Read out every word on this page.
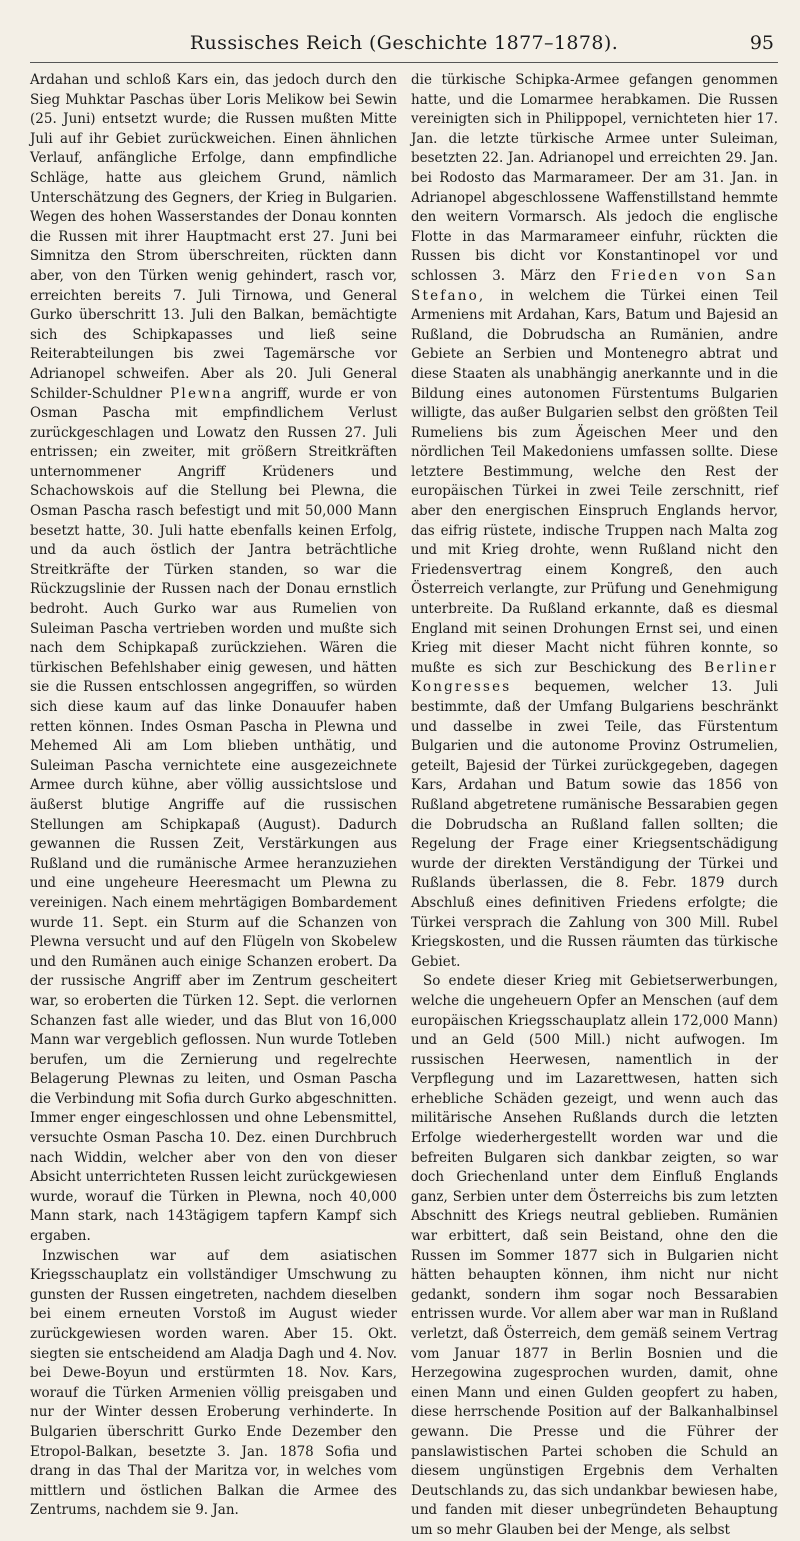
Russisches Reich (Geschichte 1877–1878).	95

Ardahan und schloß Kars ein, das jedoch durch den Sieg Muhktar Paschas über Loris Melikow bei Sewin (25. Juni) entsetzt wurde; die Russen mußten Mitte Juli auf ihr Gebiet zurückweichen. Einen ähnlichen Verlauf, anfängliche Erfolge, dann empfindliche Schläge, hatte aus gleichem Grund, nämlich Unterschätzung des Gegners, der Krieg in Bulgarien. Wegen des hohen Wasserstandes der Donau konnten die Russen mit ihrer Hauptmacht erst 27. Juni bei Simnitza den Strom überschreiten, rückten dann aber, von den Türken wenig gehindert, rasch vor, erreichten bereits 7. Juli Tirnowa, und General Gurko überschritt 13. Juli den Balkan, bemächtigte sich des Schipkapasses und ließ seine Reiterabteilungen bis zwei Tagemärsche vor Adrianopel schweifen. Aber als 20. Juli General Schilder-Schuldner Plewna angriff, wurde er von Osman Pascha mit empfindlichem Verlust zurückgeschlagen und Lowatz den Russen 27. Juli entrissen; ein zweiter, mit größern Streitkräften unternommener Angriff Krüdeners und Schachowskois auf die Stellung bei Plewna, die Osman Pascha rasch befestigt und mit 50,000 Mann besetzt hatte, 30. Juli hatte ebenfalls keinen Erfolg, und da auch östlich der Jantra beträchtliche Streitkräfte der Türken standen, so war die Rückzugslinie der Russen nach der Donau ernstlich bedroht. Auch Gurko war aus Rumelien von Suleiman Pascha vertrieben worden und mußte sich nach dem Schipkapaß zurückziehen. Wären die türkischen Befehlshaber einig gewesen, und hätten sie die Russen entschlossen angegriffen, so würden sich diese kaum auf das linke Donauufer haben retten können. Indes Osman Pascha in Plewna und Mehemed Ali am Lom blieben unthätig, und Suleiman Pascha vernichtete eine ausgezeichnete Armee durch kühne, aber völlig aussichtslose und äußerst blutige Angriffe auf die russischen Stellungen am Schipkapaß (August). Dadurch gewannen die Russen Zeit, Verstärkungen aus Rußland und die rumänische Armee heranzuziehen und eine ungeheure Heeresmacht um Plewna zu vereinigen. Nach einem mehrtägigen Bombardement wurde 11. Sept. ein Sturm auf die Schanzen von Plewna versucht und auf den Flügeln von Skobelew und den Rumänen auch einige Schanzen erobert. Da der russische Angriff aber im Zentrum gescheitert war, so eroberten die Türken 12. Sept. die verlornen Schanzen fast alle wieder, und das Blut von 16,000 Mann war vergeblich geflossen. Nun wurde Totleben berufen, um die Zernierung und regelrechte Belagerung Plewnas zu leiten, und Osman Pascha die Verbindung mit Sofia durch Gurko abgeschnitten. Immer enger eingeschlossen und ohne Lebensmittel, versuchte Osman Pascha 10. Dez. einen Durchbruch nach Widdin, welcher aber von den von dieser Absicht unterrichteten Russen leicht zurückgewiesen wurde, worauf die Türken in Plewna, noch 40,000 Mann stark, nach 143tägigem tapfern Kampf sich ergaben.

Inzwischen war auf dem asiatischen Kriegsschauplatz ein vollständiger Umschwung zu gunsten der Russen eingetreten, nachdem dieselben bei einem erneuten Vorstoß im August wieder zurückgewiesen worden waren. Aber 15. Okt. siegten sie entscheidend am Aladja Dagh und 4. Nov. bei Dewe-Boyun und erstürmten 18. Nov. Kars, worauf die Türken Armenien völlig preisgaben und nur der Winter dessen Eroberung verhinderte. In Bulgarien überschritt Gurko Ende Dezember den Etropol-Balkan, besetzte 3. Jan. 1878 Sofia und drang in das Thal der Maritza vor, in welches vom mittlern und östlichen Balkan die Armee des Zentrums, nachdem sie 9. Jan.

die türkische Schipka-Armee gefangen genommen hatte, und die Lomarmee herabkamen. Die Russen vereinigten sich in Philippopel, vernichteten hier 17. Jan. die letzte türkische Armee unter Suleiman, besetzten 22. Jan. Adrianopel und erreichten 29. Jan. bei Rodosto das Marmarameer. Der am 31. Jan. in Adrianopel abgeschlossene Waffenstillstand hemmte den weitern Vormarsch. Als jedoch die englische Flotte in das Marmarameer einfuhr, rückten die Russen bis dicht vor Konstantinopel vor und schlossen 3. März den Frieden von San Stefano, in welchem die Türkei einen Teil Armeniens mit Ardahan, Kars, Batum und Bajesid an Rußland, die Dobrudscha an Rumänien, andre Gebiete an Serbien und Montenegro abtrat und diese Staaten als unabhängig anerkannte und in die Bildung eines autonomen Fürstentums Bulgarien willigte, das außer Bulgarien selbst den größten Teil Rumeliens bis zum Ägeischen Meer und den nördlichen Teil Makedoniens umfassen sollte. Diese letztere Bestimmung, welche den Rest der europäischen Türkei in zwei Teile zerschnitt, rief aber den energischen Einspruch Englands hervor, das eifrig rüstete, indische Truppen nach Malta zog und mit Krieg drohte, wenn Rußland nicht den Friedensvertrag einem Kongreß, den auch Österreich verlangte, zur Prüfung und Genehmigung unterbreite. Da Rußland erkannte, daß es diesmal England mit seinen Drohungen Ernst sei, und einen Krieg mit dieser Macht nicht führen konnte, so mußte es sich zur Beschickung des Berliner Kongresses bequemen, welcher 13. Juli bestimmte, daß der Umfang Bulgariens beschränkt und dasselbe in zwei Teile, das Fürstentum Bulgarien und die autonome Provinz Ostrumelien, geteilt, Bajesid der Türkei zurückgegeben, dagegen Kars, Ardahan und Batum sowie das 1856 von Rußland abgetretene rumänische Bessarabien gegen die Dobrudscha an Rußland fallen sollten; die Regelung der Frage einer Kriegsentschädigung wurde der direkten Verständigung der Türkei und Rußlands überlassen, die 8. Febr. 1879 durch Abschluß eines definitiven Friedens erfolgte; die Türkei versprach die Zahlung von 300 Mill. Rubel Kriegskosten, und die Russen räumten das türkische Gebiet.

So endete dieser Krieg mit Gebietserwerbungen, welche die ungeheuern Opfer an Menschen (auf dem europäischen Kriegsschauplatz allein 172,000 Mann) und an Geld (500 Mill.) nicht aufwogen. Im russischen Heerwesen, namentlich in der Verpflegung und im Lazarettwesen, hatten sich erhebliche Schäden gezeigt, und wenn auch das militärische Ansehen Rußlands durch die letzten Erfolge wiederhergestellt worden war und die befreiten Bulgaren sich dankbar zeigten, so war doch Griechenland unter dem Einfluß Englands ganz, Serbien unter dem Österreichs bis zum letzten Abschnitt des Kriegs neutral geblieben. Rumänien war erbittert, daß sein Beistand, ohne den die Russen im Sommer 1877 sich in Bulgarien nicht hätten behaupten können, ihm nicht nur nicht gedankt, sondern ihm sogar noch Bessarabien entrissen wurde. Vor allem aber war man in Rußland verletzt, daß Österreich, dem gemäß seinem Vertrag vom Januar 1877 in Berlin Bosnien und die Herzegowina zugesprochen wurden, damit, ohne einen Mann und einen Gulden geopfert zu haben, diese herrschende Position auf der Balkanhalbinsel gewann. Die Presse und die Führer der panslawistischen Partei schoben die Schuld an diesem ungünstigen Ergebnis dem Verhalten Deutschlands zu, das sich undankbar bewiesen habe, und fanden mit dieser unbegründeten Behauptung um so mehr Glauben bei der Menge, als selbst
